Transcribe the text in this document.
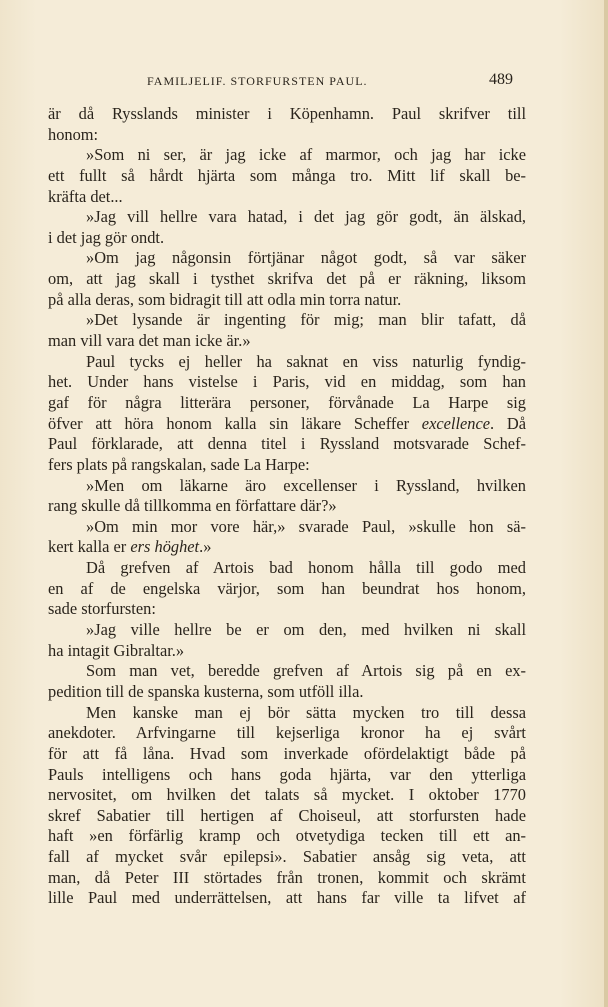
FAMILJELIF. STORFURSTEN PAUL.	489
är då Rysslands minister i Köpenhamn. Paul skrifver till
honom:
»Som ni ser, är jag icke af marmor, och jag har icke
ett fullt så hårdt hjärta som många tro. Mitt lif skall be-
kräfta det...
»Jag vill hellre vara hatad, i det jag gör godt, än älskad,
i det jag gör ondt.
»Om jag någonsin förtjänar något godt, så var säker
om, att jag skall i tysthet skrifva det på er räkning, liksom
på alla deras, som bidragit till att odla min torra natur.
»Det lysande är ingenting för mig; man blir tafatt, då
man vill vara det man icke är.»
Paul tycks ej heller ha saknat en viss naturlig fyndig-
het. Under hans vistelse i Paris, vid en middag, som han
gaf för några litterära personer, förvånade La Harpe sig
öfver att höra honom kalla sin läkare Scheffer excellence. Då
Paul förklarade, att denna titel i Ryssland motsvarade Schef-
fers plats på rangskalan, sade La Harpe:
»Men om läkarne äro excellenser i Ryssland, hvilken
rang skulle då tillkomma en författare där?»
»Om min mor vore här,» svarade Paul, »skulle hon sä-
kert kalla er ers höghet.»
Då grefven af Artois bad honom hålla till godo med
en af de engelska värjor, som han beundrat hos honom,
sade storfursten:
»Jag ville hellre be er om den, med hvilken ni skall
ha intagit Gibraltar.»
Som man vet, beredde grefven af Artois sig på en ex-
pedition till de spanska kusterna, som utföll illa.
Men kanske man ej bör sätta mycken tro till dessa
anekdoter. Arfvingarne till kejserliga kronor ha ej svårt
för att få låna. Hvad som inverkade ofördelaktigt både på
Pauls intelligens och hans goda hjärta, var den ytterliga
nervositet, om hvilken det talats så mycket. I oktober 1770
skref Sabatier till hertigen af Choiseul, att storfursten hade
haft »en förfärlig kramp och otvetydiga tecken till ett an-
fall af mycket svår epilepsi». Sabatier ansåg sig veta, att
man, då Peter III störtades från tronen, kommit och skrämt
lille Paul med underrättelsen, att hans far ville ta lifvet af
